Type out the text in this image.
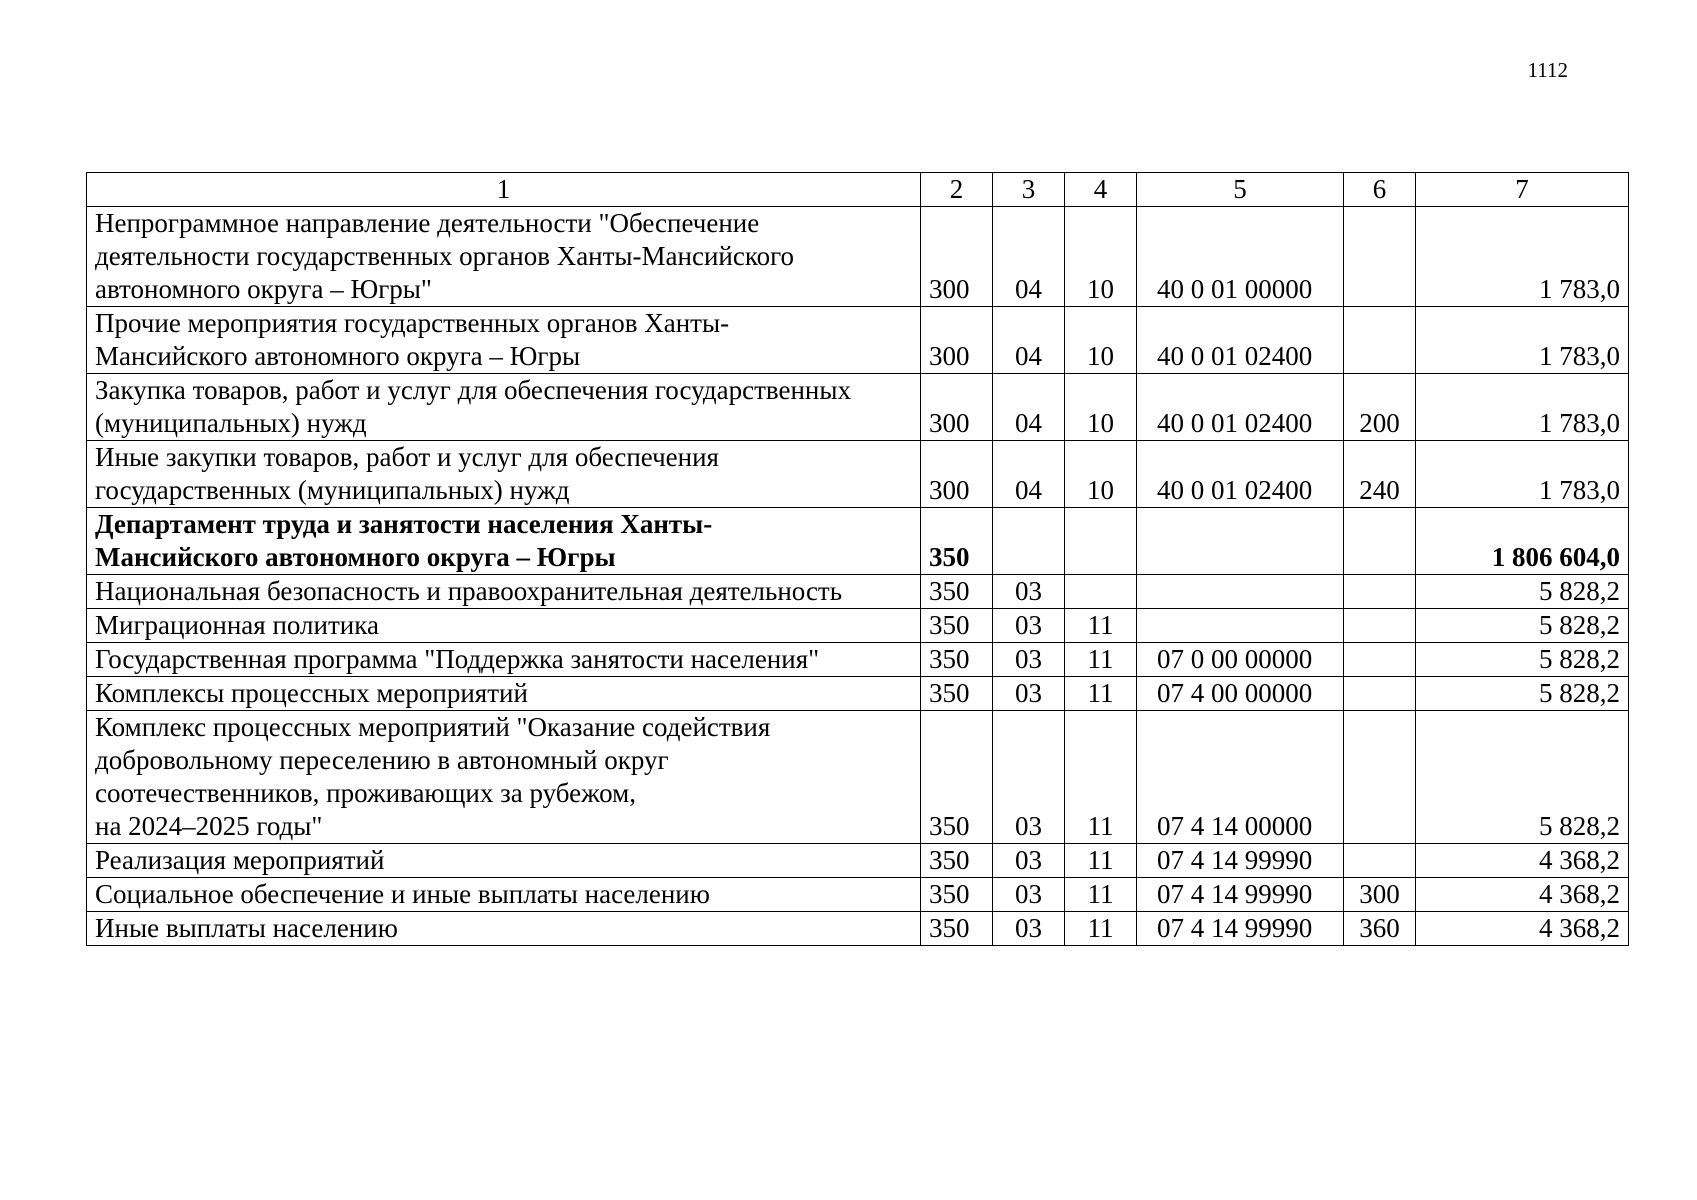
1112
1	2	3	4	5	6	7
Непрограммное направление деятельности "Обеспечение
деятельности государственных органов Ханты-Мансийского
автономного округа – Югры"	300	04	10	40 0 01 00000		1 783,0
Прочие мероприятия государственных органов Ханты-
Мансийского автономного округа – Югры	300	04	10	40 0 01 02400		1 783,0
Закупка товаров, работ и услуг для обеспечения государственных
(муниципальных) нужд	300	04	10	40 0 01 02400	200	1 783,0
Иные закупки товаров, работ и услуг для обеспечения
государственных (муниципальных) нужд	300	04	10	40 0 01 02400	240	1 783,0
Департамент труда и занятости населения Ханты-
Мансийского автономного округа – Югры	350					1 806 604,0
Национальная безопасность и правоохранительная деятельность	350	03				5 828,2
Миграционная политика	350	03	11			5 828,2
Государственная программа "Поддержка занятости населения"	350	03	11	07 0 00 00000		5 828,2
Комплексы процессных мероприятий	350	03	11	07 4 00 00000		5 828,2
Комплекс процессных мероприятий "Оказание содействия
добровольному переселению в автономный округ
соотечественников, проживающих за рубежом,
на 2024–2025 годы"	350	03	11	07 4 14 00000		5 828,2
Реализация мероприятий	350	03	11	07 4 14 99990		4 368,2
Социальное обеспечение и иные выплаты населению	350	03	11	07 4 14 99990	300	4 368,2
Иные выплаты населению	350	03	11	07 4 14 99990	360	4 368,2
